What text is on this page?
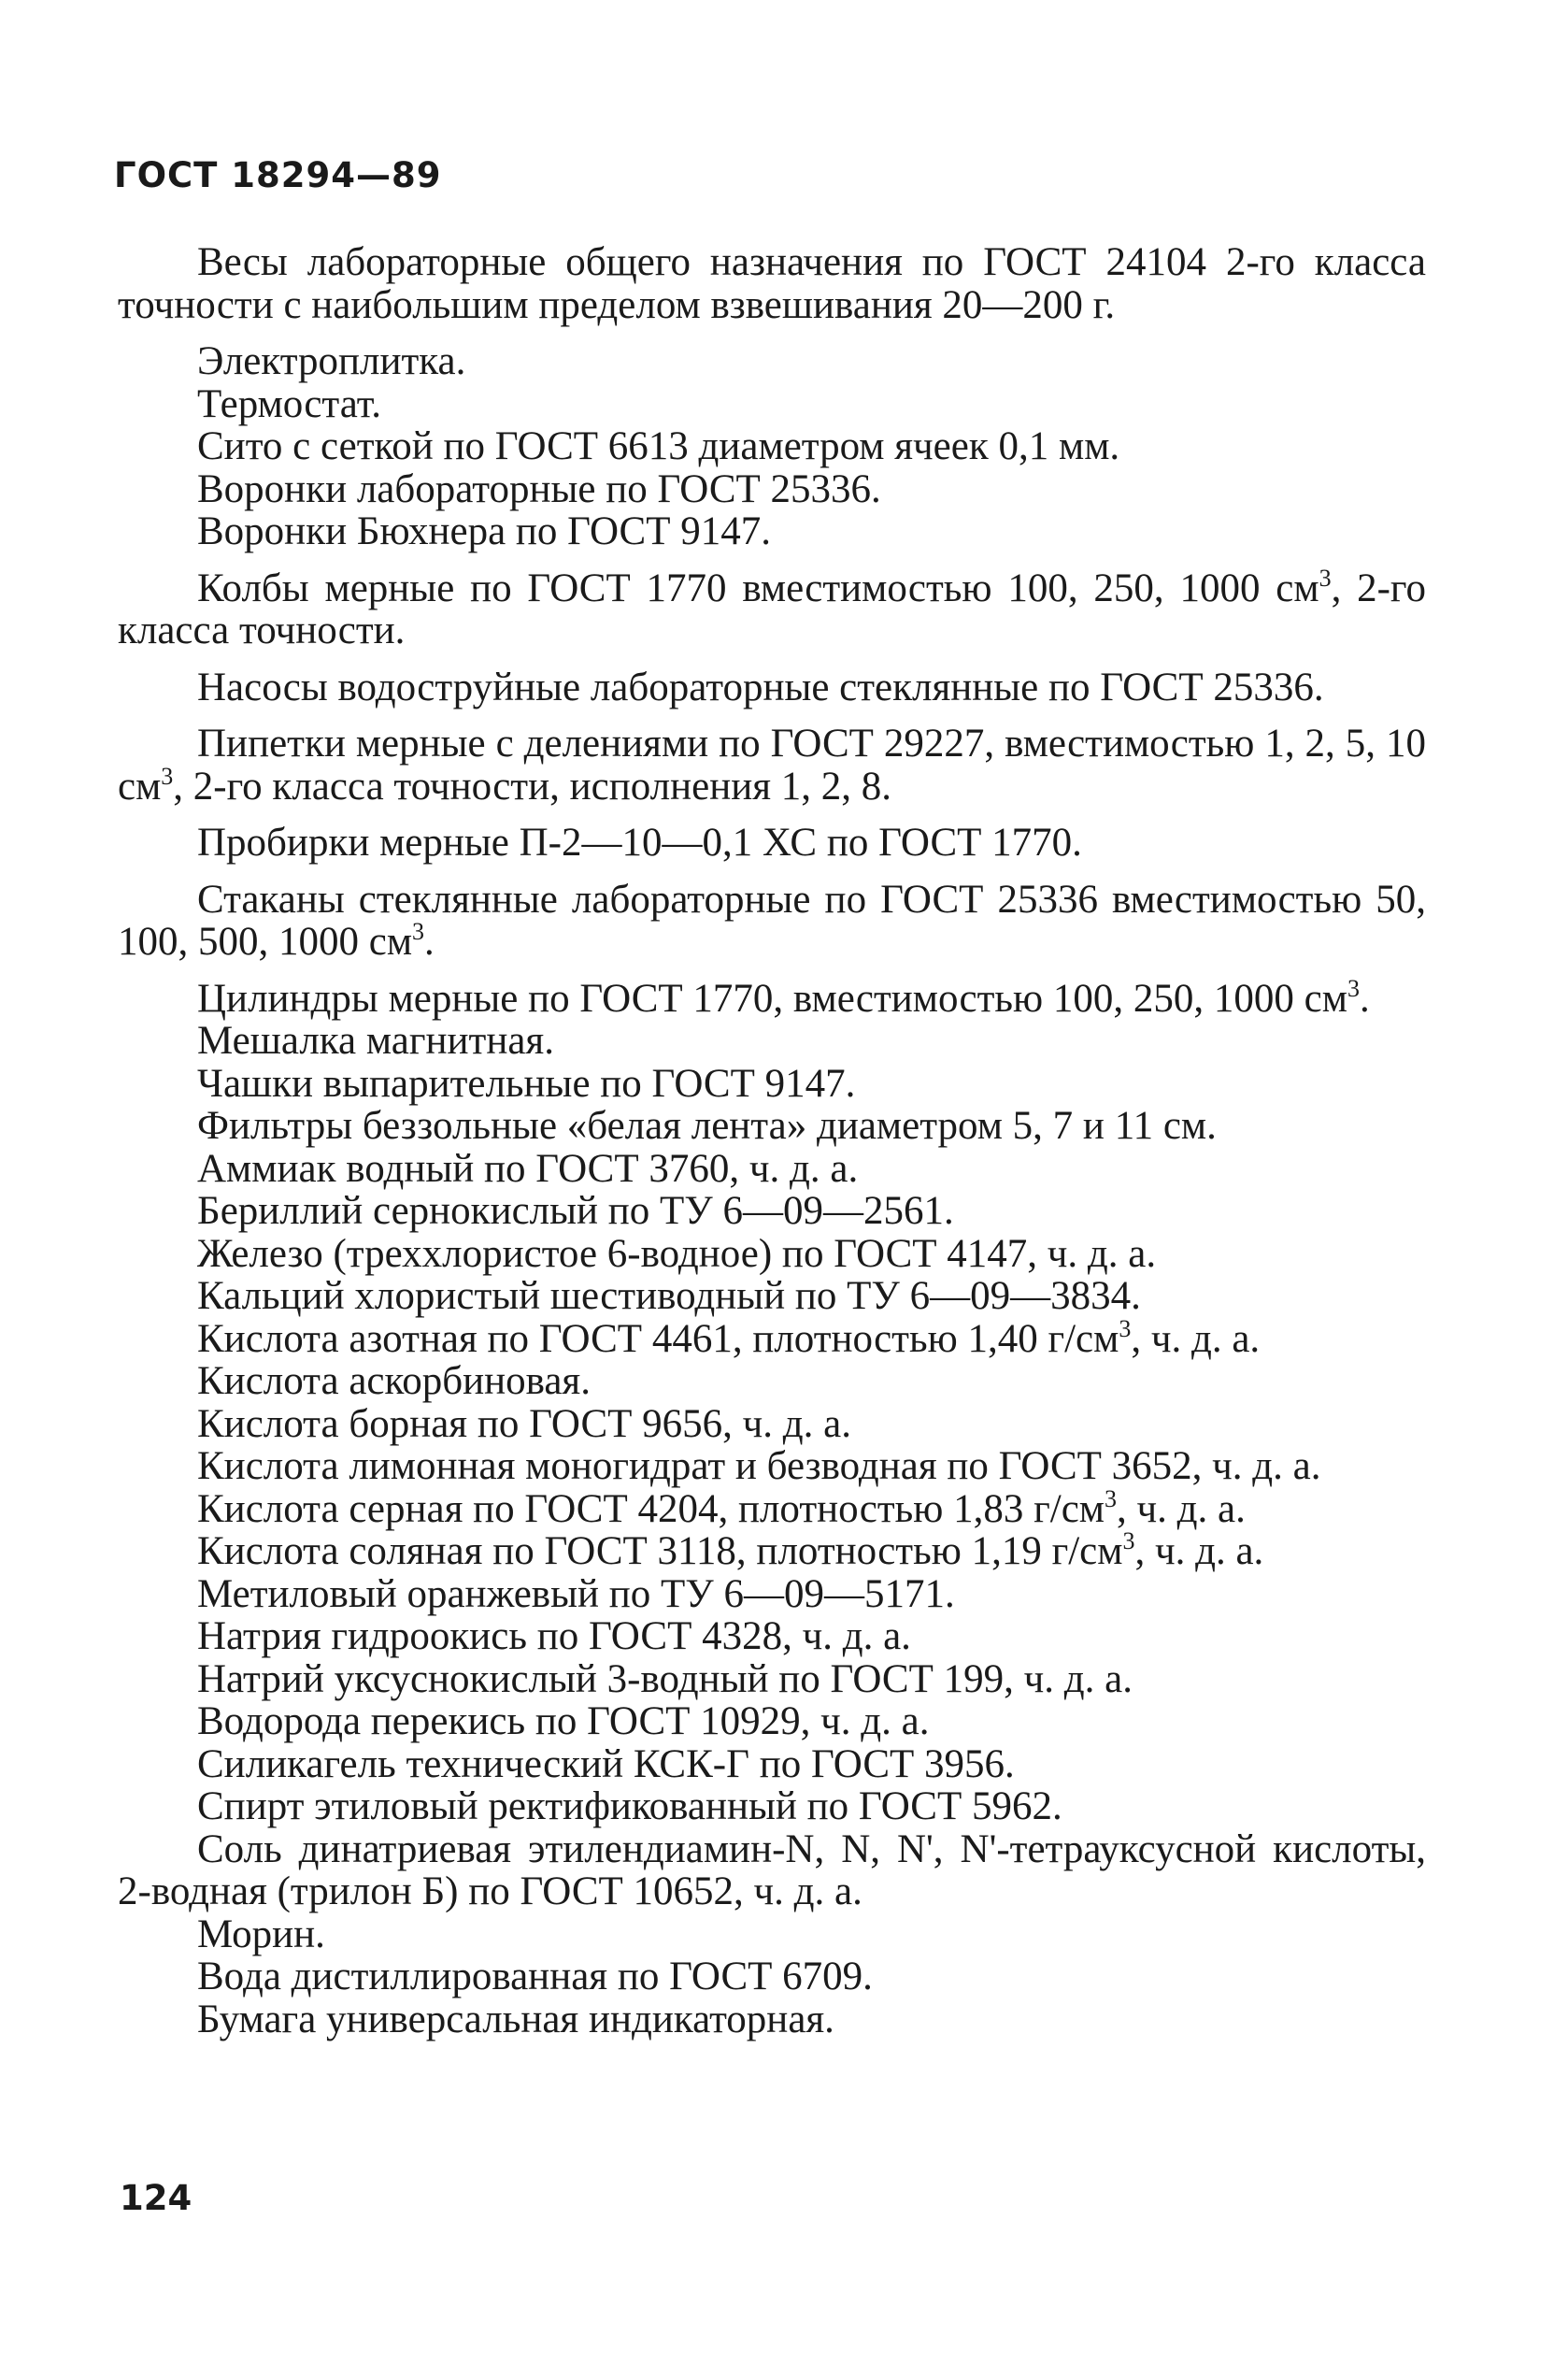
ГОСТ 18294—89

Весы лабораторные общего назначения по ГОСТ 24104 2-го класса точности с наибольшим пределом взвешивания 20—200 г.

Электроплитка.

Термостат.

Сито с сеткой по ГОСТ 6613 диаметром ячеек 0,1 мм.

Воронки лабораторные по ГОСТ 25336.

Воронки Бюхнера по ГОСТ 9147.

Колбы мерные по ГОСТ 1770 вместимостью 100, 250, 1000 $см^3$, 2-го класса точности.

Насосы водоструйные лабораторные стеклянные по ГОСТ 25336.

Пипетки мерные с делениями по ГОСТ 29227, вместимостью 1, 2, 5, 10 $см^3$, 2-го класса точности, исполнения 1, 2, 8.

Пробирки мерные П-2—10—0,1 ХС по ГОСТ 1770.

Стаканы стеклянные лабораторные по ГОСТ 25336 вместимостью 50, 100, 500, 1000 $см^3$.

Цилиндры мерные по ГОСТ 1770, вместимостью 100, 250, 1000 $см^3$.

Мешалка магнитная.

Чашки выпарительные по ГОСТ 9147.

Фильтры беззольные «белая лента» диаметром 5, 7 и 11 см.

Аммиак водный по ГОСТ 3760, ч. д. а.

Бериллий сернокислый по ТУ 6—09—2561.

Железо (треххлористое 6-водное) по ГОСТ 4147, ч. д. а.

Кальций хлористый шестиводный по ТУ 6—09—3834.

Кислота азотная по ГОСТ 4461, плотностью 1,40 $г/см^3$, ч. д. а.

Кислота аскорбиновая.

Кислота борная по ГОСТ 9656, ч. д. а.

Кислота лимонная моногидрат и безводная по ГОСТ 3652, ч. д. а.

Кислота серная по ГОСТ 4204, плотностью 1,83 $г/см^3$, ч. д. а.

Кислота соляная по ГОСТ 3118, плотностью 1,19 $г/см^3$, ч. д. а.

Метиловый оранжевый по ТУ 6—09—5171.

Натрия гидроокись по ГОСТ 4328, ч. д. а.

Натрий уксуснокислый 3-водный по ГОСТ 199, ч. д. а.

Водорода перекись по ГОСТ 10929, ч. д. а.

Силикагель технический КСК-Г по ГОСТ 3956.

Спирт этиловый ректификованный по ГОСТ 5962.

Соль динатриевая этилендиамин-N, N, N', N'-тетрауксусной кислоты, 2-водная (трилон Б) по ГОСТ 10652, ч. д. а.

Морин.

Вода дистиллированная по ГОСТ 6709.

Бумага универсальная индикаторная.

124
